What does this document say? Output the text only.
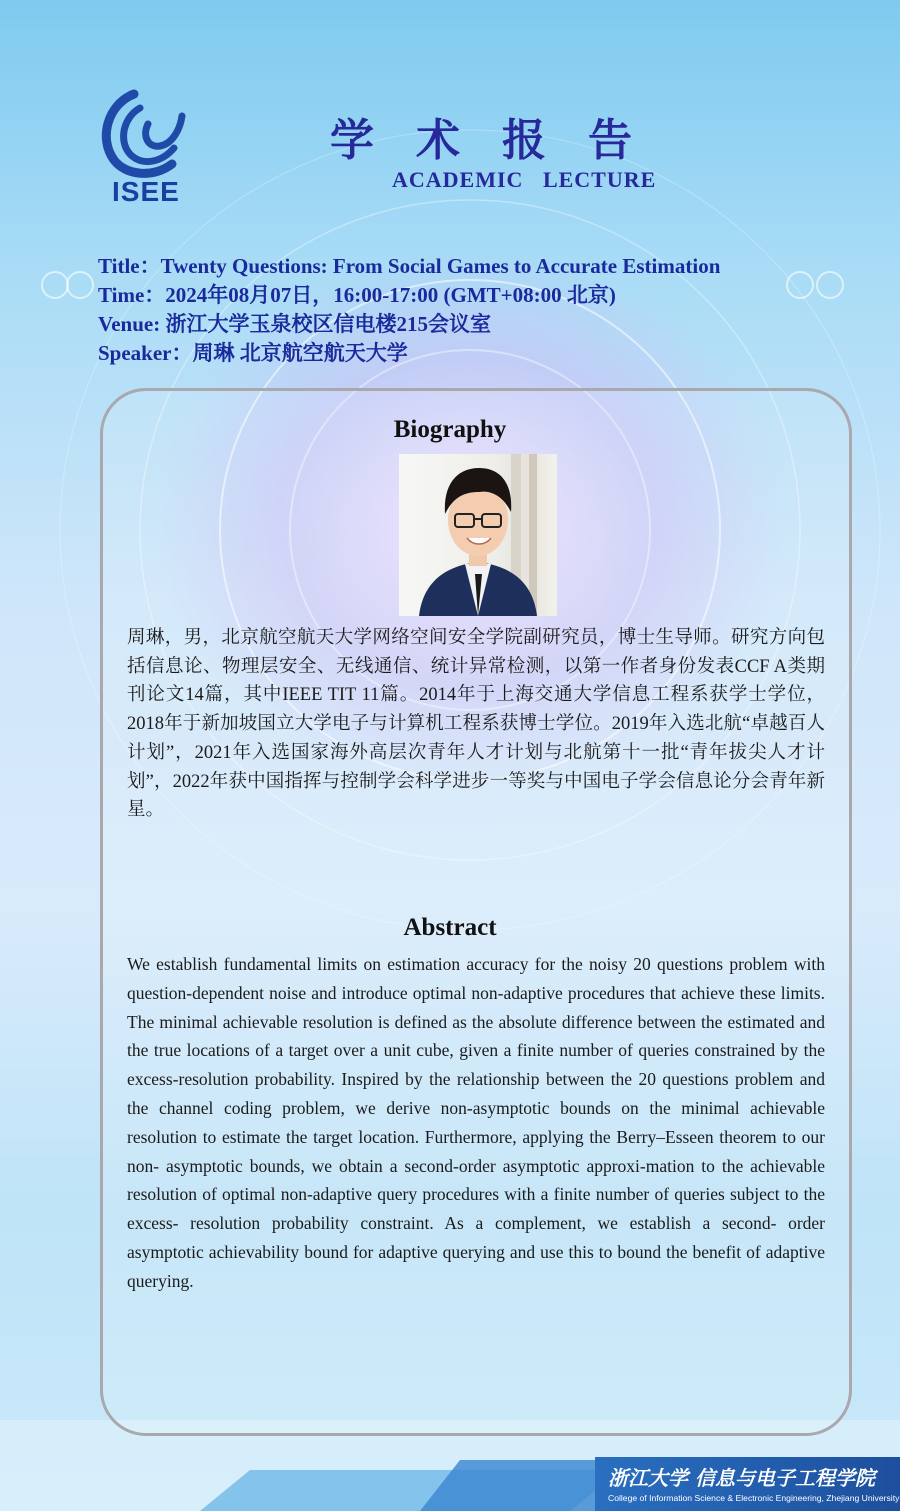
ISEE
学术报告
ACADEMIC   LECTURE
Title：Twenty Questions: From Social Games to Accurate Estimation
Time：2024年08月07日，16:00-17:00 (GMT+08:00 北京)
Venue: 浙江大学玉泉校区信电楼215会议室
Speaker：周琳 北京航空航天大学
Biography
周琳，男，北京航空航天大学网络空间安全学院副研究员，博士生导师。研究方向包括信息论、物理层安全、无线通信、统计异常检测，以第一作者身份发表CCF A类期刊论文14篇，其中IEEE TIT 11篇。2014年于上海交通大学信息工程系获学士学位，2018年于新加坡国立大学电子与计算机工程系获博士学位。2019年入选北航“卓越百人计划”，2021年入选国家海外高层次青年人才计划与北航第十一批“青年拔尖人才计划”，2022年获中国指挥与控制学会科学进步一等奖与中国电子学会信息论分会青年新星。
Abstract
We establish fundamental limits on estimation accuracy for the noisy 20 questions problem with question-dependent noise and introduce optimal non-adaptive procedures that achieve these limits. The minimal achievable resolution is defined as the absolute difference between the estimated and the true locations of a target over a unit cube, given a finite number of queries constrained by the excess-resolution probability. Inspired by the relationship between the 20 questions problem and the channel coding problem, we derive non-asymptotic bounds on the minimal achievable resolution to estimate the target location. Furthermore, applying the Berry–Esseen theorem to our non- asymptotic bounds, we obtain a second-order asymptotic approxi-mation to the achievable resolution of optimal non-adaptive query procedures with a finite number of queries subject to the excess- resolution probability constraint. As a complement, we establish a second- order asymptotic achievability bound for adaptive querying and use this to bound the benefit of adaptive querying.
浙江大学 信息与电子工程学院
College of Information Science & Electronic Engineering, Zhejiang University
